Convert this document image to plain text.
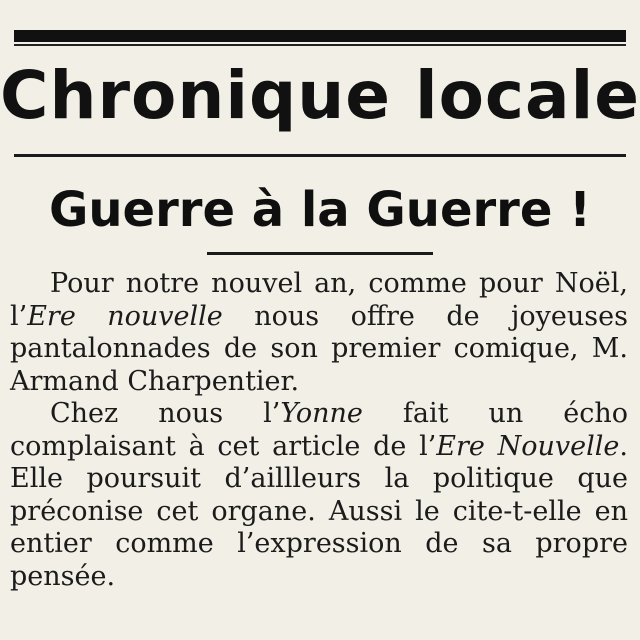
Chronique locale
Guerre à la Guerre !

Pour notre nouvel an, comme pour Noël, l’Ere nouvelle nous offre de joyeuses pantalonnades de son premier comique, M. Armand Charpentier.

Chez nous l’Yonne fait un écho complaisant à cet article de l’Ere Nouvelle. Elle poursuit d’aillleurs la politique que préconise cet organe. Aussi le cite-t-elle en entier comme l’expression de sa propre pensée.
